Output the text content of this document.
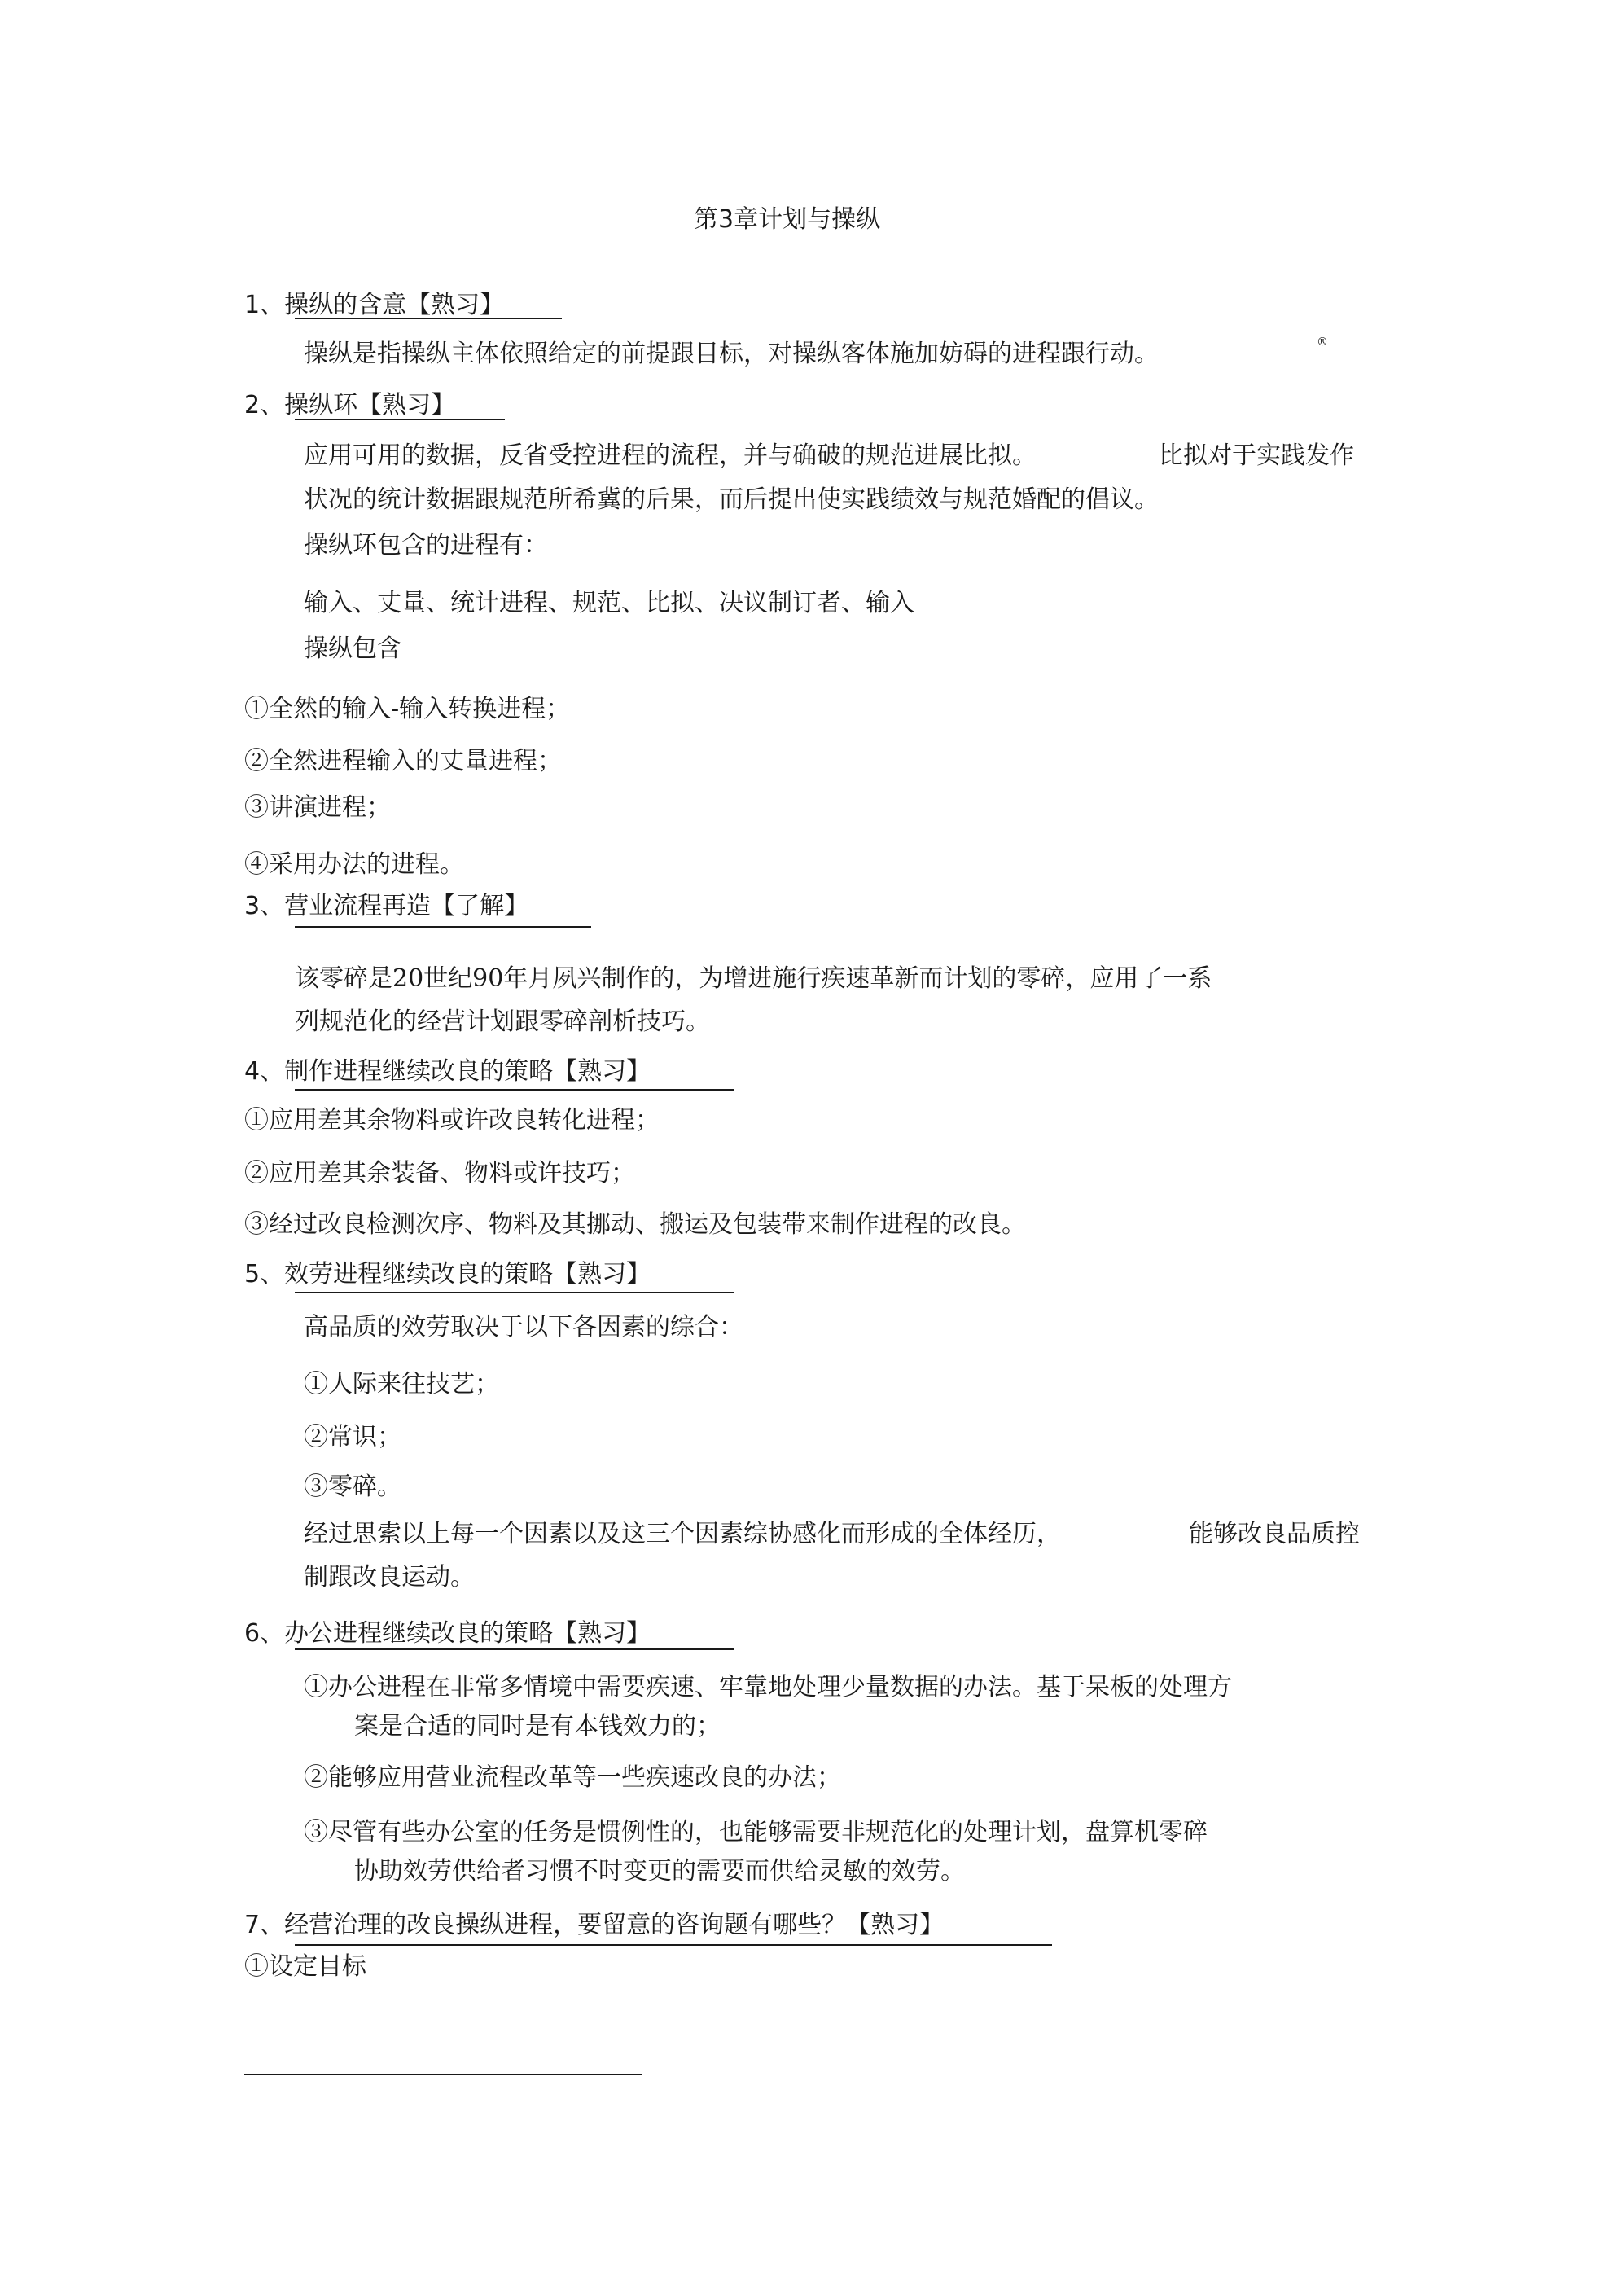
第3章计划与操纵
1、操纵的含意【熟习】
操纵是指操纵主体依照给定的前提跟目标，对操纵客体施加妨碍的进程跟行动。	®
2、操纵环【熟习】
应用可用的数据，反省受控进程的流程，并与确破的规范进展比拟。	比拟对于实践发作
状况的统计数据跟规范所希冀的后果，而后提出使实践绩效与规范婚配的倡议。
操纵环包含的进程有：
输入、丈量、统计进程、规范、比拟、决议制订者、输入
操纵包含
①全然的输入-输入转换进程；
②全然进程输入的丈量进程；
③讲演进程；
④采用办法的进程。
3、营业流程再造【了解】
该零碎是20世纪90年月夙兴制作的，为增进施行疾速革新而计划的零碎，应用了一系
列规范化的经营计划跟零碎剖析技巧。
4、制作进程继续改良的策略【熟习】
①应用差其余物料或许改良转化进程；
②应用差其余装备、物料或许技巧；
③经过改良检测次序、物料及其挪动、搬运及包装带来制作进程的改良。
5、效劳进程继续改良的策略【熟习】
高品质的效劳取决于以下各因素的综合：
①人际来往技艺；
②常识；
③零碎。
经过思索以上每一个因素以及这三个因素综协感化而形成的全体经历，	能够改良品质控
制跟改良运动。
6、办公进程继续改良的策略【熟习】
①办公进程在非常多情境中需要疾速、牢靠地处理少量数据的办法。基于呆板的处理方
案是合适的同时是有本钱效力的；
②能够应用营业流程改革等一些疾速改良的办法；
③尽管有些办公室的任务是惯例性的，也能够需要非规范化的处理计划，盘算机零碎
协助效劳供给者习惯不时变更的需要而供给灵敏的效劳。
7、经营治理的改良操纵进程，要留意的咨询题有哪些？【熟习】
①设定目标
